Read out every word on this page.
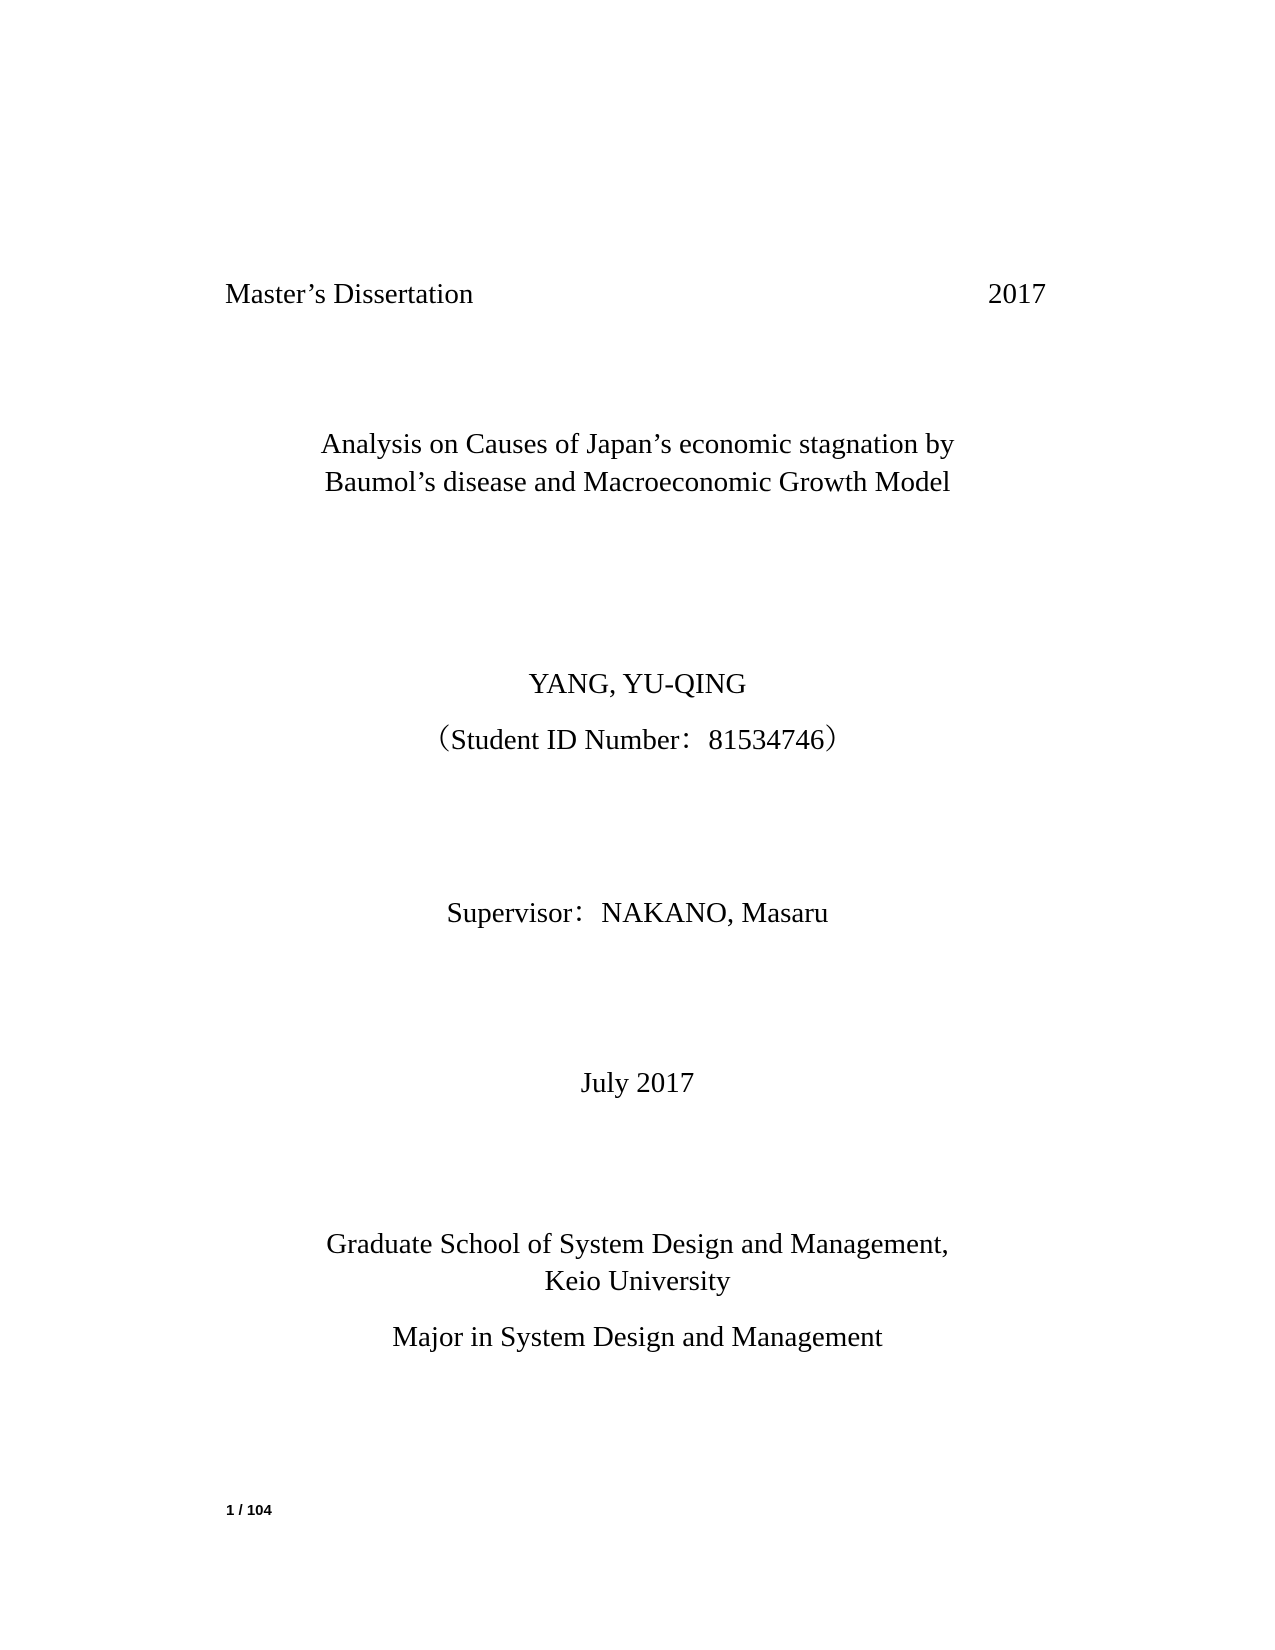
Master’s Dissertation	2017
Analysis on Causes of Japan’s economic stagnation by
Baumol’s disease and Macroeconomic Growth Model
YANG, YU-QING
（Student ID Number：81534746）
Supervisor：NAKANO, Masaru
July 2017
Graduate School of System Design and Management,
Keio University
Major in System Design and Management
1 / 104
